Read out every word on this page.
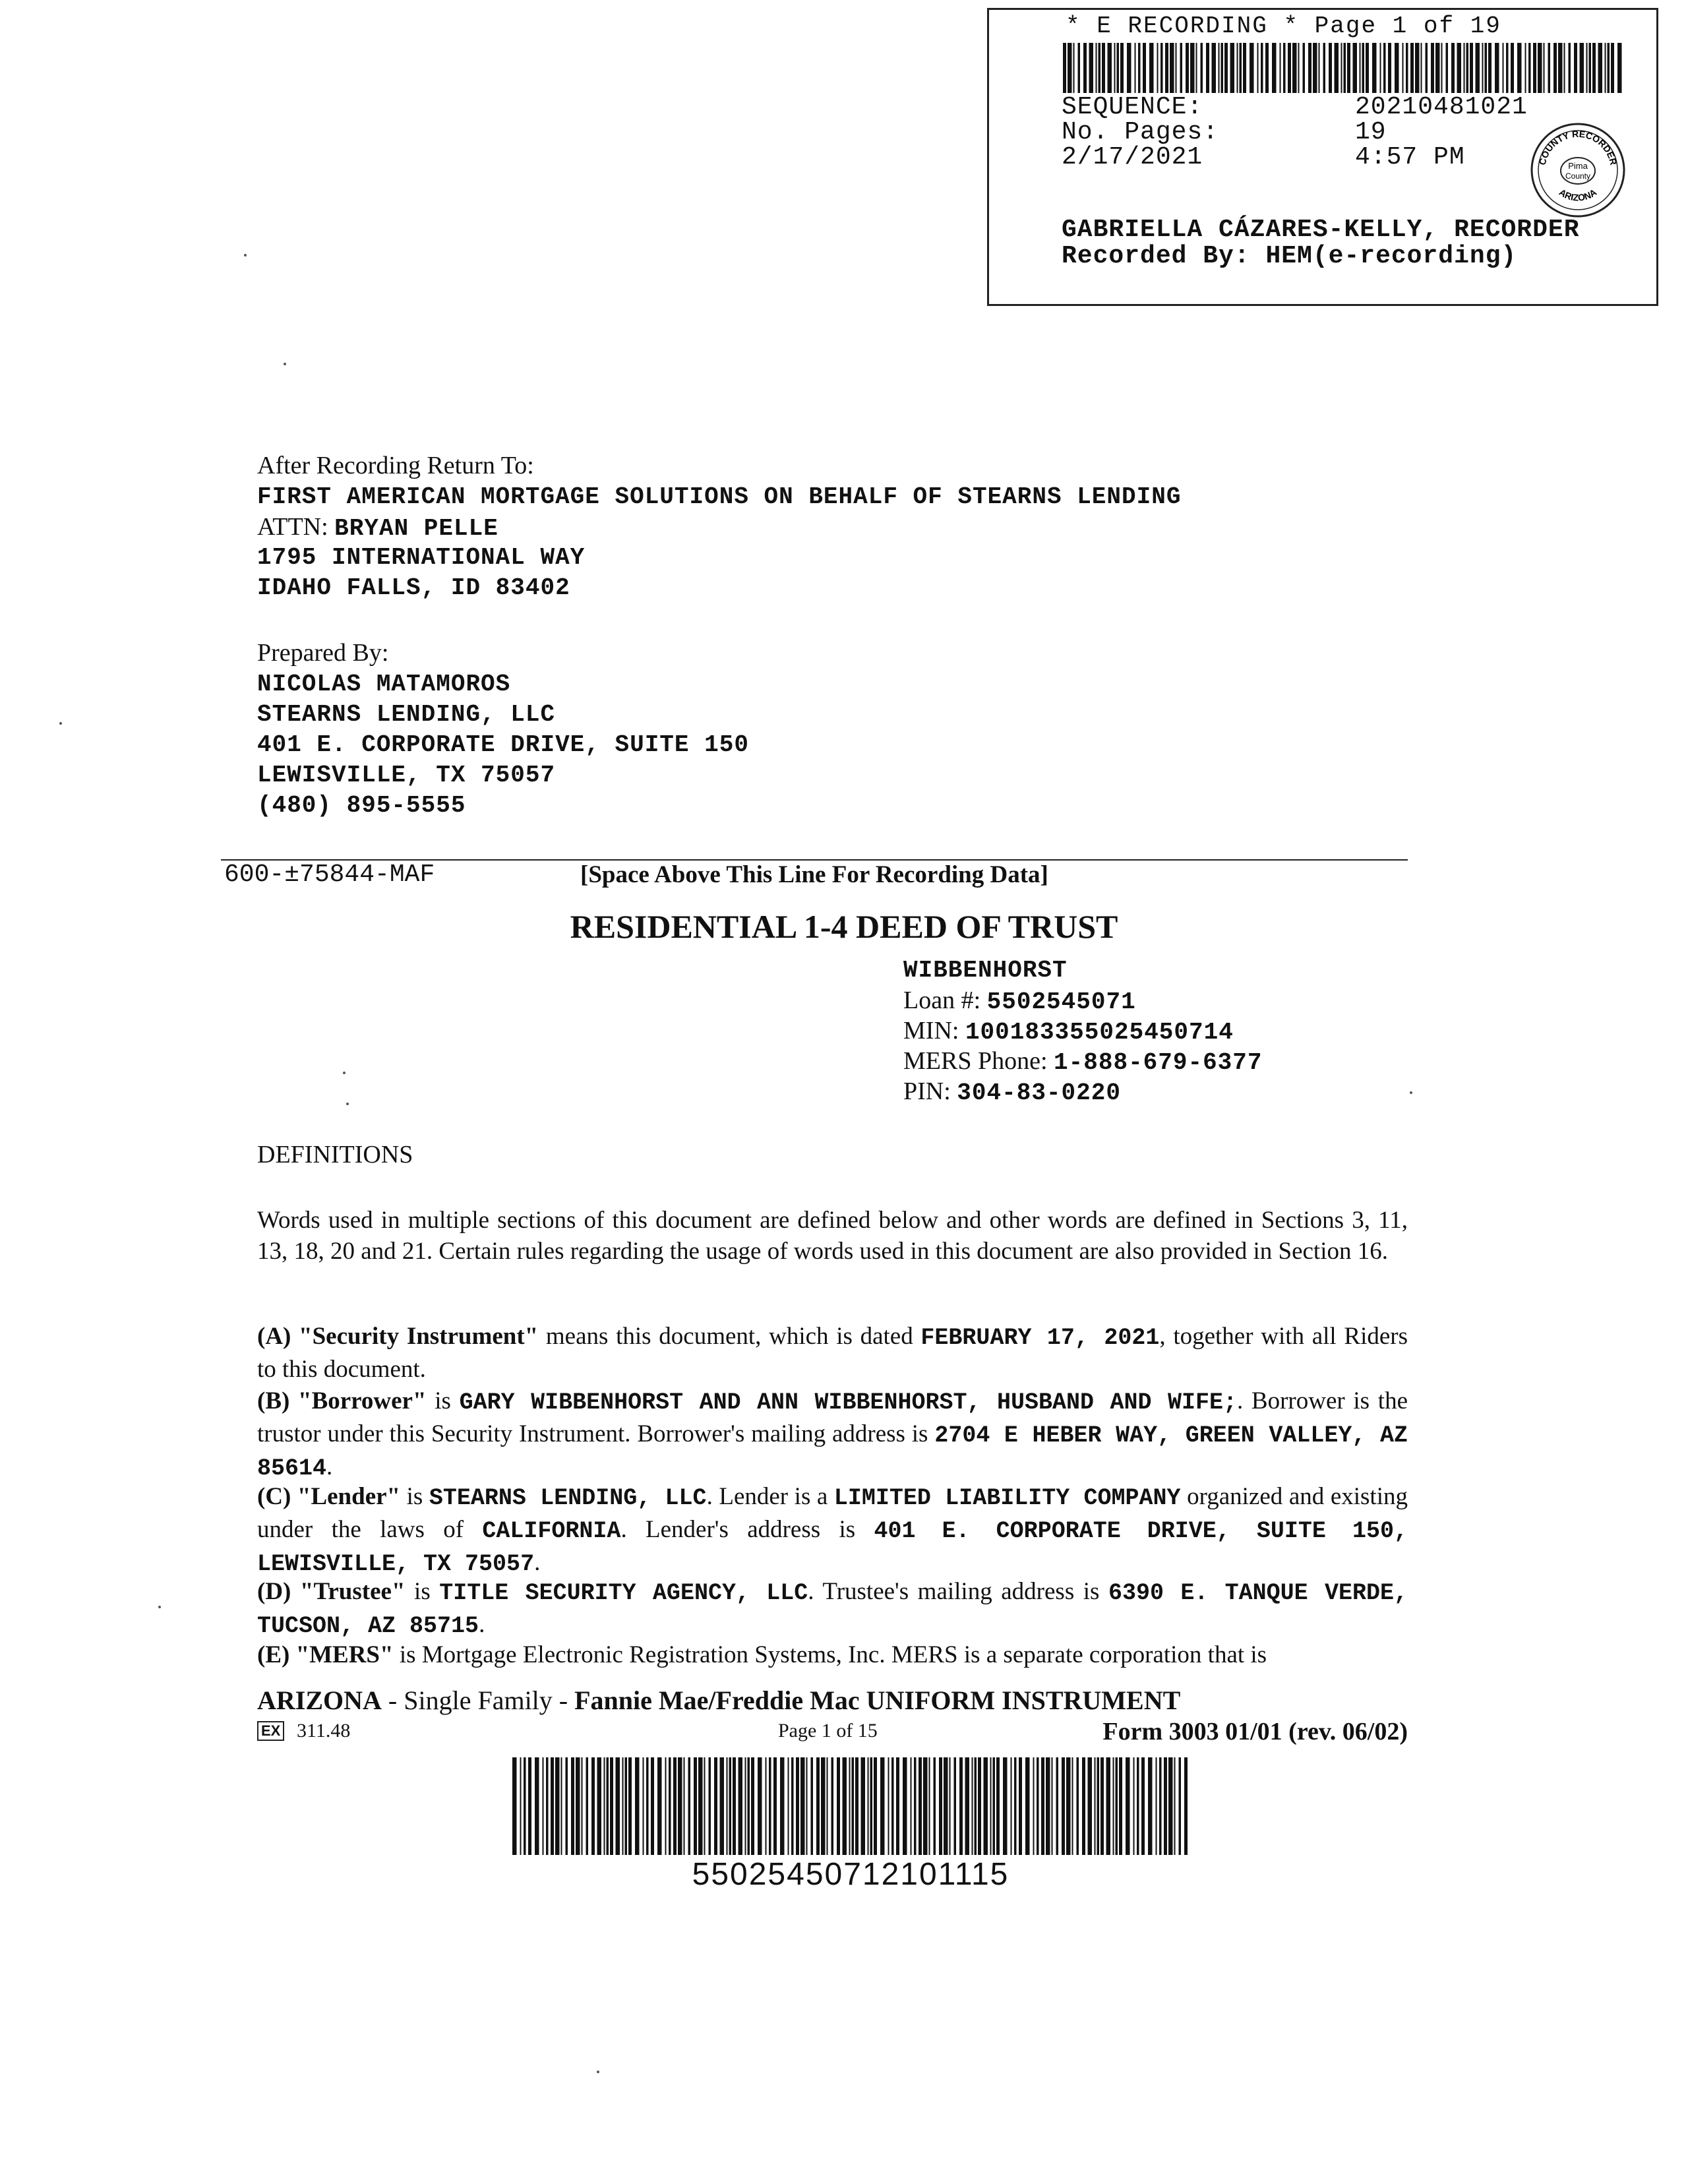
* E RECORDING * Page 1 of 19
SEQUENCE:	20210481021
No. Pages:	19
2/17/2021	4:57 PM	Pima
County
COUNTY RECORDER
ARIZONA
GABRIELLA CÁZARES-KELLY, RECORDER
Recorded By: HEM(e-recording)
After Recording Return To:
FIRST AMERICAN MORTGAGE SOLUTIONS ON BEHALF OF STEARNS LENDING
ATTN: BRYAN PELLE
1795 INTERNATIONAL WAY
IDAHO FALLS, ID 83402
Prepared By:
NICOLAS MATAMOROS
STEARNS LENDING, LLC
401 E. CORPORATE DRIVE, SUITE 150
LEWISVILLE, TX 75057
(480) 895-5555
600-±75844-MAF	[Space Above This Line For Recording Data]
RESIDENTIAL 1-4 DEED OF TRUST
WIBBENHORST
Loan #: 5502545071
MIN: 100183355025450714
MERS Phone: 1-888-679-6377
PIN: 304-83-0220
DEFINITIONS
Words used in multiple sections of this document are defined below and other words are defined in Sections 3, 11, 13, 18, 20 and 21. Certain rules regarding the usage of words used in this document are also provided in Section 16.
(A) "Security Instrument" means this document, which is dated FEBRUARY 17, 2021, together with all Riders to this document.
(B) "Borrower" is GARY WIBBENHORST AND ANN WIBBENHORST, HUSBAND AND WIFE;. Borrower is the trustor under this Security Instrument. Borrower's mailing address is 2704 E HEBER WAY, GREEN VALLEY, AZ 85614.
(C) "Lender" is STEARNS LENDING, LLC. Lender is a LIMITED LIABILITY COMPANY organized and existing under the laws of CALIFORNIA. Lender's address is 401 E. CORPORATE DRIVE, SUITE 150, LEWISVILLE, TX 75057.
(D) "Trustee" is TITLE SECURITY AGENCY, LLC. Trustee's mailing address is 6390 E. TANQUE VERDE, TUCSON, AZ 85715.
(E) "MERS" is Mortgage Electronic Registration Systems, Inc. MERS is a separate corporation that is
ARIZONA - Single Family - Fannie Mae/Freddie Mac UNIFORM INSTRUMENT
EX 311.48	Page 1 of 15	Form 3003 01/01 (rev. 06/02)
55025450712101115
